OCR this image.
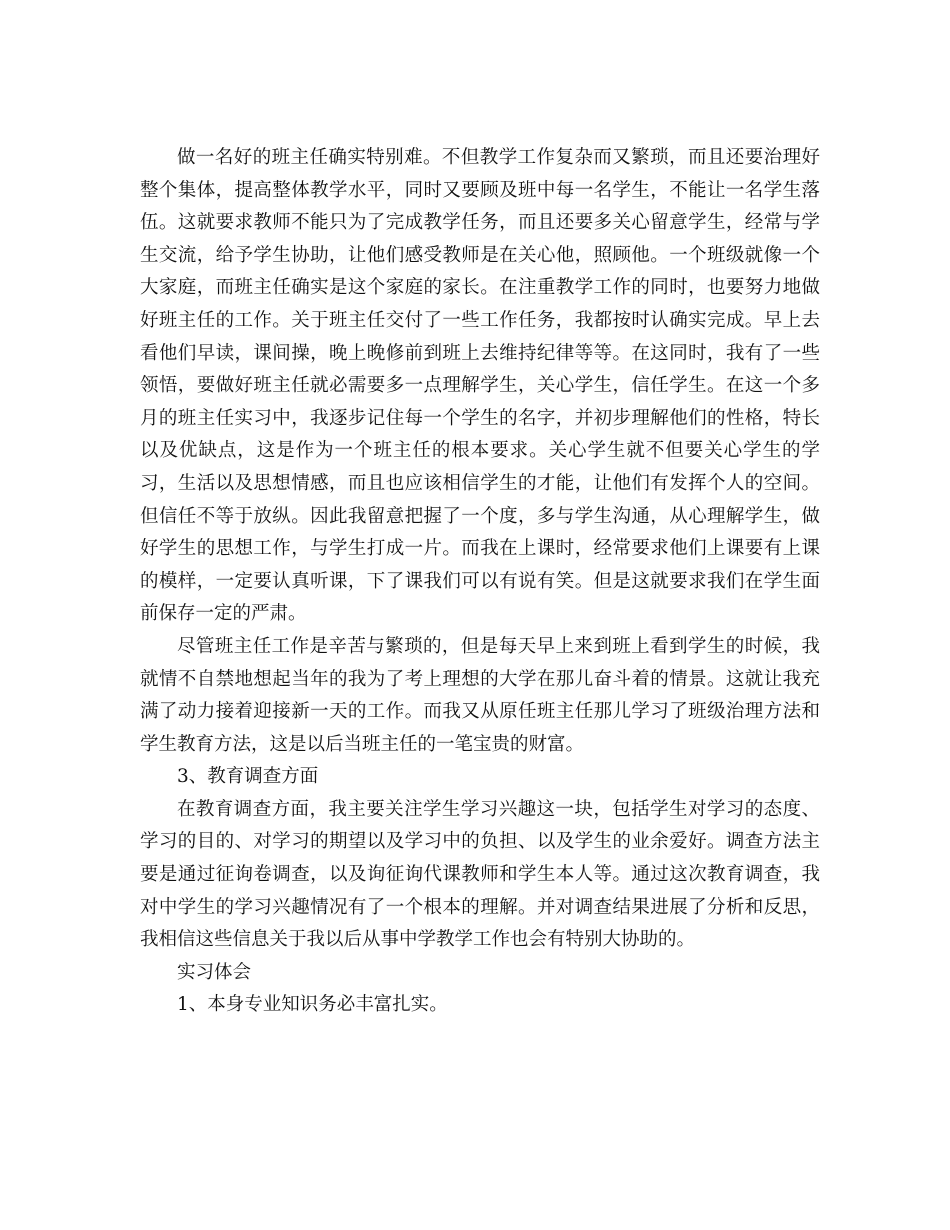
做一名好的班主任确实特别难。不但教学工作复杂而又繁琐，而且还要治理好整个集体，提高整体教学水平，同时又要顾及班中每一名学生，不能让一名学生落伍。这就要求教师不能只为了完成教学任务，而且还要多关心留意学生，经常与学生交流，给予学生协助，让他们感受教师是在关心他，照顾他。一个班级就像一个大家庭，而班主任确实是这个家庭的家长。在注重教学工作的同时，也要努力地做好班主任的工作。关于班主任交付了一些工作任务，我都按时认确实完成。早上去看他们早读，课间操，晚上晚修前到班上去维持纪律等等。在这同时，我有了一些领悟，要做好班主任就必需要多一点理解学生，关心学生，信任学生。在这一个多月的班主任实习中，我逐步记住每一个学生的名字，并初步理解他们的性格，特长以及优缺点，这是作为一个班主任的根本要求。关心学生就不但要关心学生的学习，生活以及思想情感，而且也应该相信学生的才能，让他们有发挥个人的空间。但信任不等于放纵。因此我留意把握了一个度，多与学生沟通，从心理解学生，做好学生的思想工作，与学生打成一片。而我在上课时，经常要求他们上课要有上课的模样，一定要认真听课，下了课我们可以有说有笑。但是这就要求我们在学生面前保存一定的严肃。

尽管班主任工作是辛苦与繁琐的，但是每天早上来到班上看到学生的时候，我就情不自禁地想起当年的我为了考上理想的大学在那儿奋斗着的情景。这就让我充满了动力接着迎接新一天的工作。而我又从原任班主任那儿学习了班级治理方法和学生教育方法，这是以后当班主任的一笔宝贵的财富。

3、教育调查方面

在教育调查方面，我主要关注学生学习兴趣这一块，包括学生对学习的态度、学习的目的、对学习的期望以及学习中的负担、以及学生的业余爱好。调查方法主要是通过征询卷调查，以及询征询代课教师和学生本人等。通过这次教育调查，我对中学生的学习兴趣情况有了一个根本的理解。并对调查结果进展了分析和反思，我相信这些信息关于我以后从事中学教学工作也会有特别大协助的。

实习体会

1、本身专业知识务必丰富扎实。
